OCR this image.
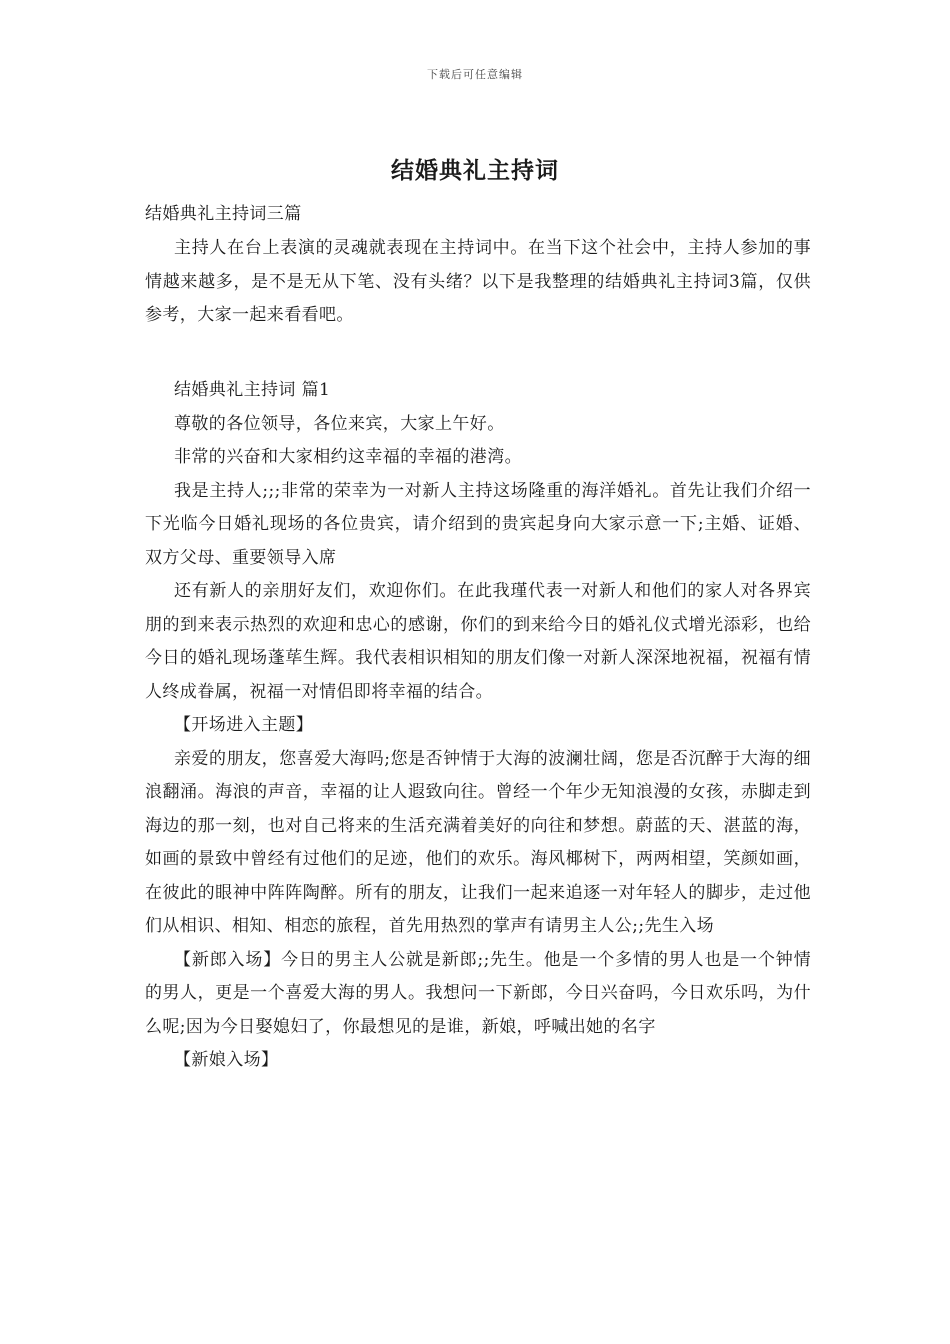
下载后可任意编辑
结婚典礼主持词

结婚典礼主持词三篇

主持人在台上表演的灵魂就表现在主持词中。在当下这个社会中，主持人参加的事情越来越多，是不是无从下笔、没有头绪？以下是我整理的结婚典礼主持词3篇，仅供参考，大家一起来看看吧。

结婚典礼主持词 篇1

尊敬的各位领导，各位来宾，大家上午好。

非常的兴奋和大家相约这幸福的幸福的港湾。

我是主持人;;;非常的荣幸为一对新人主持这场隆重的海洋婚礼。首先让我们介绍一下光临今日婚礼现场的各位贵宾，请介绍到的贵宾起身向大家示意一下;主婚、证婚、双方父母、重要领导入席

还有新人的亲朋好友们，欢迎你们。在此我瑾代表一对新人和他们的家人对各界宾朋的到来表示热烈的欢迎和忠心的感谢，你们的到来给今日的婚礼仪式增光添彩，也给今日的婚礼现场蓬荜生辉。我代表相识相知的朋友们像一对新人深深地祝福，祝福有情人终成眷属，祝福一对情侣即将幸福的结合。

【开场进入主题】

亲爱的朋友，您喜爱大海吗;您是否钟情于大海的波澜壮阔，您是否沉醉于大海的细浪翻涌。海浪的声音，幸福的让人遐致向往。曾经一个年少无知浪漫的女孩，赤脚走到海边的那一刻，也对自己将来的生活充满着美好的向往和梦想。蔚蓝的天、湛蓝的海，如画的景致中曾经有过他们的足迹，他们的欢乐。海风椰树下，两两相望，笑颜如画，在彼此的眼神中阵阵陶醉。所有的朋友，让我们一起来追逐一对年轻人的脚步，走过他们从相识、相知、相恋的旅程，首先用热烈的掌声有请男主人公;;先生入场

【新郎入场】今日的男主人公就是新郎;;先生。他是一个多情的男人也是一个钟情的男人，更是一个喜爱大海的男人。我想问一下新郎，今日兴奋吗，今日欢乐吗，为什么呢;因为今日娶媳妇了，你最想见的是谁，新娘，呼喊出她的名字

【新娘入场】
